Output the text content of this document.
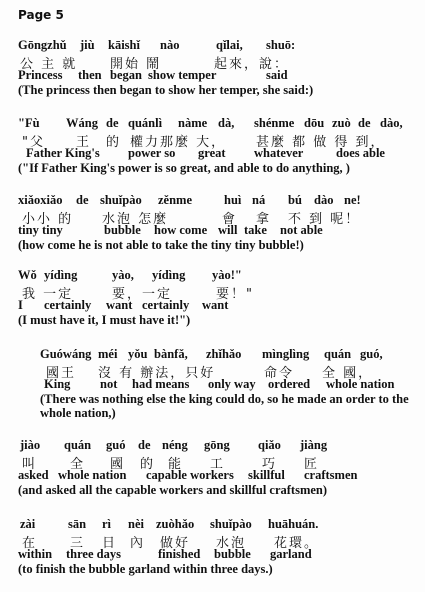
Page 5
Gōngzhǔ jiù kāishǐ nào	qǐlai, shuō:
公 主 就	開始 鬧	起來，說：
Princess then began show temper	said
(The princess then began to show her temper, she said:)
"Fù Wáng de quánlì nàme dà, shénme dōu zuò de dào,
"父 王 的 權力那麼 大， 甚麼 都 做 得 到，
Father King's power so great whatever	does able
("If Father King's power is so great, and able to do anything, )
xiǎoxiǎo de shuǐpào zěnme	huì ná bú dào ne!
小小 的 水泡 怎麼	會 拿 不 到 呢！
tiny tiny	bubble how come will take not able
(how come he is not able to take the tiny tiny bubble!)
Wǒ yídìng	yào, yídìng yào!"
我 一定	要，一定	要！"
I certainly want certainly want
(I must have it, I must have it!")
Guówáng méi yǒu bànfǎ, zhǐhǎo mìnglìng quán guó,
國王 沒 有 辦法，只好	命令 全 國，
King not had means only way ordered whole nation
(There was nothing else the king could do, so he made an order to the whole nation,)
jiào quán guó de néng gōng qiǎo jiàng
叫	全 國 的 能 工	巧 匠
asked whole nation capable workers skillful craftsmen
(and asked all the capable workers and skillful craftsmen)
zài	sān rì nèi zuòhǎo shuǐpào huāhuán.
在	三 日 內 做好 水泡 花環。
within three days	finished bubble garland
(to finish the bubble garland within three days.)
